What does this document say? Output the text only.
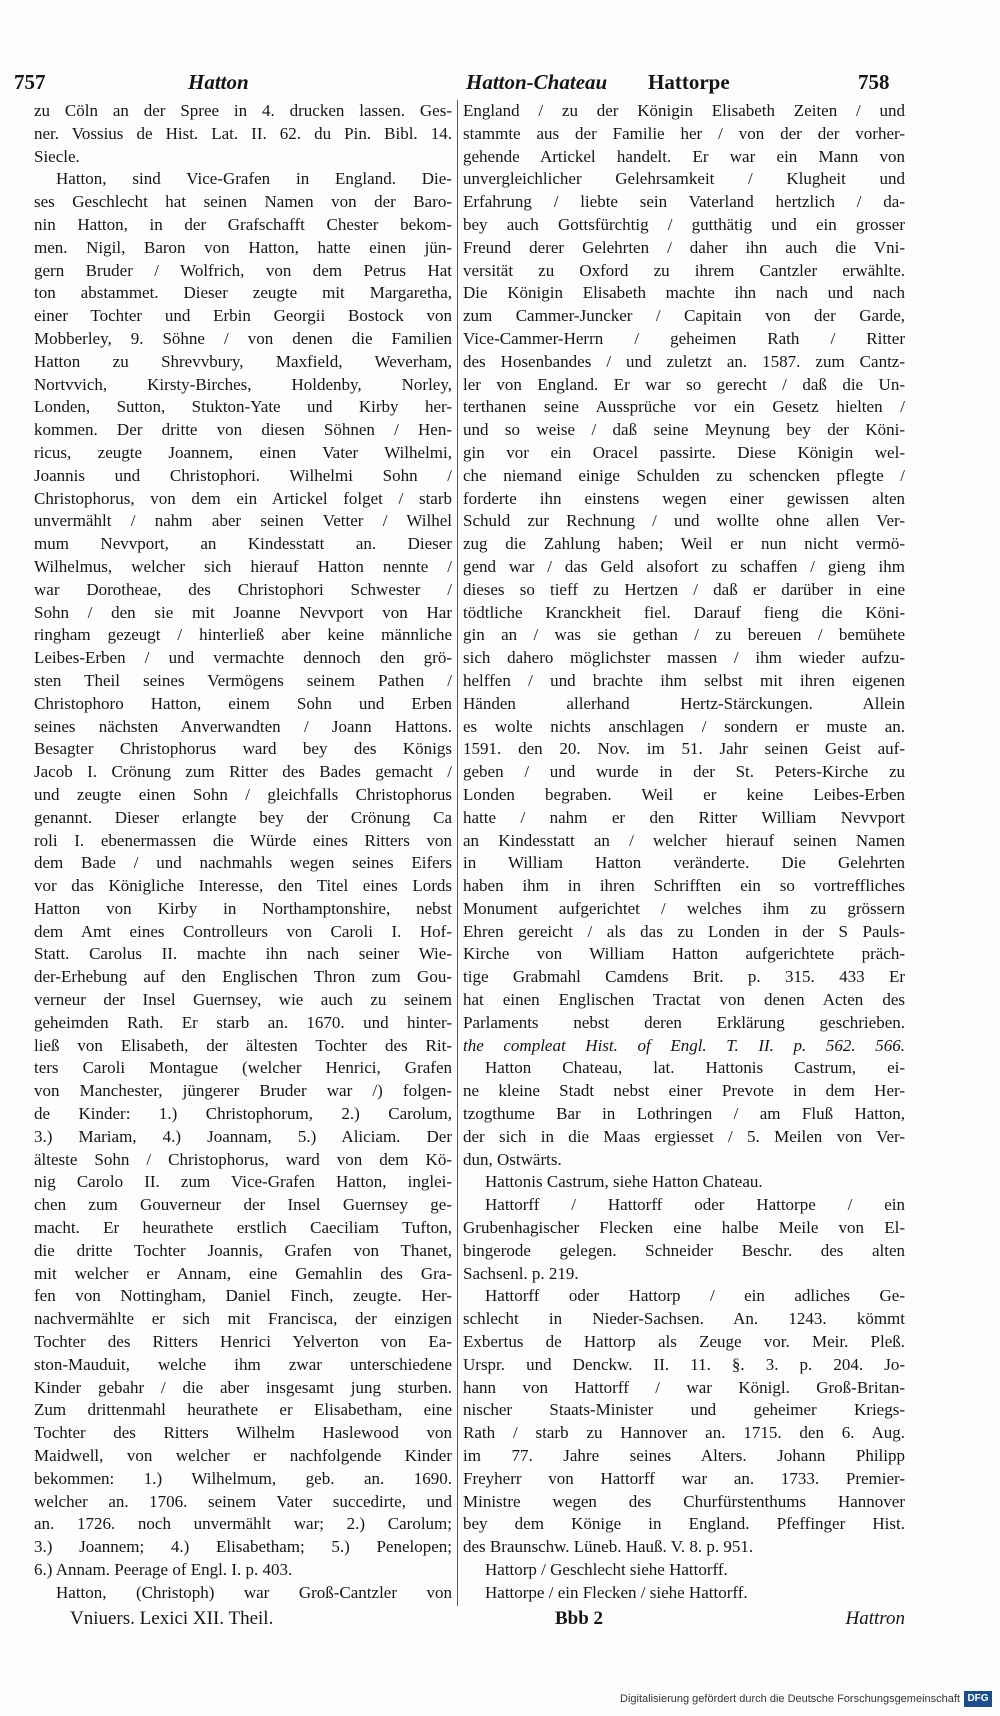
757	Hatton	Hatton-Chateau Hattorpe	758
zu Cöln an der Spree in 4. drucken lassen. Ges-
ner. Vossius de Hist. Lat. II. 62. du Pin. Bibl. 14.
Siecle.
Hatton, sind Vice-Grafen in England. Die-
ses Geschlecht hat seinen Namen von der Baro-
nin Hatton, in der Grafschafft Chester bekom-
men. Nigil, Baron von Hatton, hatte einen jün-
gern Bruder / Wolfrich, von dem Petrus Hat
ton abstammet. Dieser zeugte mit Margaretha,
einer Tochter und Erbin Georgii Bostock von
Mobberley, 9. Söhne / von denen die Familien
Hatton zu Shrevvbury, Maxfield, Weverham,
Nortvvich, Kirsty-Birches, Holdenby, Norley,
Londen, Sutton, Stukton-Yate und Kirby her-
kommen. Der dritte von diesen Söhnen / Hen-
ricus, zeugte Joannem, einen Vater Wilhelmi,
Joannis und Christophori. Wilhelmi Sohn /
Christophorus, von dem ein Artickel folget / starb
unvermählt / nahm aber seinen Vetter / Wilhel
mum Nevvport, an Kindesstatt an. Dieser
Wilhelmus, welcher sich hierauf Hatton nennte /
war Dorotheae, des Christophori Schwester /
Sohn / den sie mit Joanne Nevvport von Har
ringham gezeugt / hinterließ aber keine männliche
Leibes-Erben / und vermachte dennoch den grö-
sten Theil seines Vermögens seinem Pathen /
Christophoro Hatton, einem Sohn und Erben
seines nächsten Anverwandten / Joann Hattons.
Besagter Christophorus ward bey des Königs
Jacob I. Crönung zum Ritter des Bades gemacht /
und zeugte einen Sohn / gleichfalls Christophorus
genannt. Dieser erlangte bey der Crönung Ca
roli I. ebenermassen die Würde eines Ritters von
dem Bade / und nachmahls wegen seines Eifers
vor das Königliche Interesse, den Titel eines Lords
Hatton von Kirby in Northamptonshire, nebst
dem Amt eines Controlleurs von Caroli I. Hof-
Statt. Carolus II. machte ihn nach seiner Wie-
der-Erhebung auf den Englischen Thron zum Gou-
verneur der Insel Guernsey, wie auch zu seinem
geheimden Rath. Er starb an. 1670. und hinter-
ließ von Elisabeth, der ältesten Tochter des Rit-
ters Caroli Montague (welcher Henrici, Grafen
von Manchester, jüngerer Bruder war /) folgen-
de Kinder: 1.) Christophorum, 2.) Carolum,
3.) Mariam, 4.) Joannam, 5.) Aliciam. Der
älteste Sohn / Christophorus, ward von dem Kö-
nig Carolo II. zum Vice-Grafen Hatton, inglei-
chen zum Gouverneur der Insel Guernsey ge-
macht. Er heurathete erstlich Caeciliam Tufton,
die dritte Tochter Joannis, Grafen von Thanet,
mit welcher er Annam, eine Gemahlin des Gra-
fen von Nottingham, Daniel Finch, zeugte. Her-
nachvermählte er sich mit Francisca, der einzigen
Tochter des Ritters Henrici Yelverton von Ea-
ston-Mauduit, welche ihm zwar unterschiedene
Kinder gebahr / die aber insgesamt jung sturben.
Zum drittenmahl heurathete er Elisabetham, eine
Tochter des Ritters Wilhelm Haslewood von
Maidwell, von welcher er nachfolgende Kinder
bekommen: 1.) Wilhelmum, geb. an. 1690.
welcher an. 1706. seinem Vater succedirte, und
an. 1726. noch unvermählt war; 2.) Carolum;
3.) Joannem; 4.) Elisabetham; 5.) Penelopen;
6.) Annam. Peerage of Engl. I. p. 403.
Hatton, (Christoph) war Groß-Cantzler von
England / zu der Königin Elisabeth Zeiten / und
stammte aus der Familie her / von der der vorher-
gehende Artickel handelt. Er war ein Mann von
unvergleichlicher Gelehrsamkeit / Klugheit und
Erfahrung / liebte sein Vaterland hertzlich / da-
bey auch Gottsfürchtig / gutthätig und ein grosser
Freund derer Gelehrten / daher ihn auch die Vni-
versität zu Oxford zu ihrem Cantzler erwählte.
Die Königin Elisabeth machte ihn nach und nach
zum Cammer-Juncker / Capitain von der Garde,
Vice-Cammer-Herrn / geheimen Rath / Ritter
des Hosenbandes / und zuletzt an. 1587. zum Cantz-
ler von England. Er war so gerecht / daß die Un-
terthanen seine Aussprüche vor ein Gesetz hielten /
und so weise / daß seine Meynung bey der Köni-
gin vor ein Oracel passirte. Diese Königin wel-
che niemand einige Schulden zu schencken pflegte /
forderte ihn einstens wegen einer gewissen alten
Schuld zur Rechnung / und wollte ohne allen Ver-
zug die Zahlung haben; Weil er nun nicht vermö-
gend war / das Geld alsofort zu schaffen / gieng ihm
dieses so tieff zu Hertzen / daß er darüber in eine
tödtliche Kranckheit fiel. Darauf fieng die Köni-
gin an / was sie gethan / zu bereuen / bemühete
sich dahero möglichster massen / ihm wieder aufzu-
helffen / und brachte ihm selbst mit ihren eigenen
Händen allerhand Hertz-Stärckungen. Allein
es wolte nichts anschlagen / sondern er muste an.
1591. den 20. Nov. im 51. Jahr seinen Geist auf-
geben / und wurde in der St. Peters-Kirche zu
Londen begraben. Weil er keine Leibes-Erben
hatte / nahm er den Ritter William Nevvport
an Kindesstatt an / welcher hierauf seinen Namen
in William Hatton veränderte. Die Gelehrten
haben ihm in ihren Schrifften ein so vortreffliches
Monument aufgerichtet / welches ihm zu grössern
Ehren gereicht / als das zu Londen in der S Pauls-
Kirche von William Hatton aufgerichtete präch-
tige Grabmahl Camdens Brit. p. 315. 433 Er
hat einen Englischen Tractat von denen Acten des
Parlaments nebst deren Erklärung geschrieben.
the compleat Hist. of Engl. T. II. p. 562. 566.
Hatton Chateau, lat. Hattonis Castrum, ei-
ne kleine Stadt nebst einer Prevote in dem Her-
tzogthume Bar in Lothringen / am Fluß Hatton,
der sich in die Maas ergiesset / 5. Meilen von Ver-
dun, Ostwärts.
Hattonis Castrum, siehe Hatton Chateau.
Hattorff / Hattorff oder Hattorpe / ein
Grubenhagischer Flecken eine halbe Meile von El-
bingerode gelegen. Schneider Beschr. des alten
Sachsenl. p. 219.
Hattorff oder Hattorp / ein adliches Ge-
schlecht in Nieder-Sachsen. An. 1243. kömmt
Exbertus de Hattorp als Zeuge vor. Meir. Pleß.
Urspr. und Denckw. II. 11. §. 3. p. 204. Jo-
hann von Hattorff / war Königl. Groß-Britan-
nischer Staats-Minister und geheimer Kriegs-
Rath / starb zu Hannover an. 1715. den 6. Aug.
im 77. Jahre seines Alters. Johann Philipp
Freyherr von Hattorff war an. 1733. Premier-
Ministre wegen des Churfürstenthums Hannover
bey dem Könige in England. Pfeffinger Hist.
des Braunschw. Lüneb. Hauß. V. 8. p. 951.
Hattorp / Geschlecht siehe Hattorff.
Hattorpe / ein Flecken / siehe Hattorff.
Vniuers. Lexici XII. Theil.	Bbb 2	Hattron
Digitalisierung gefördert durch die Deutsche Forschungsgemeinschaft DFG
